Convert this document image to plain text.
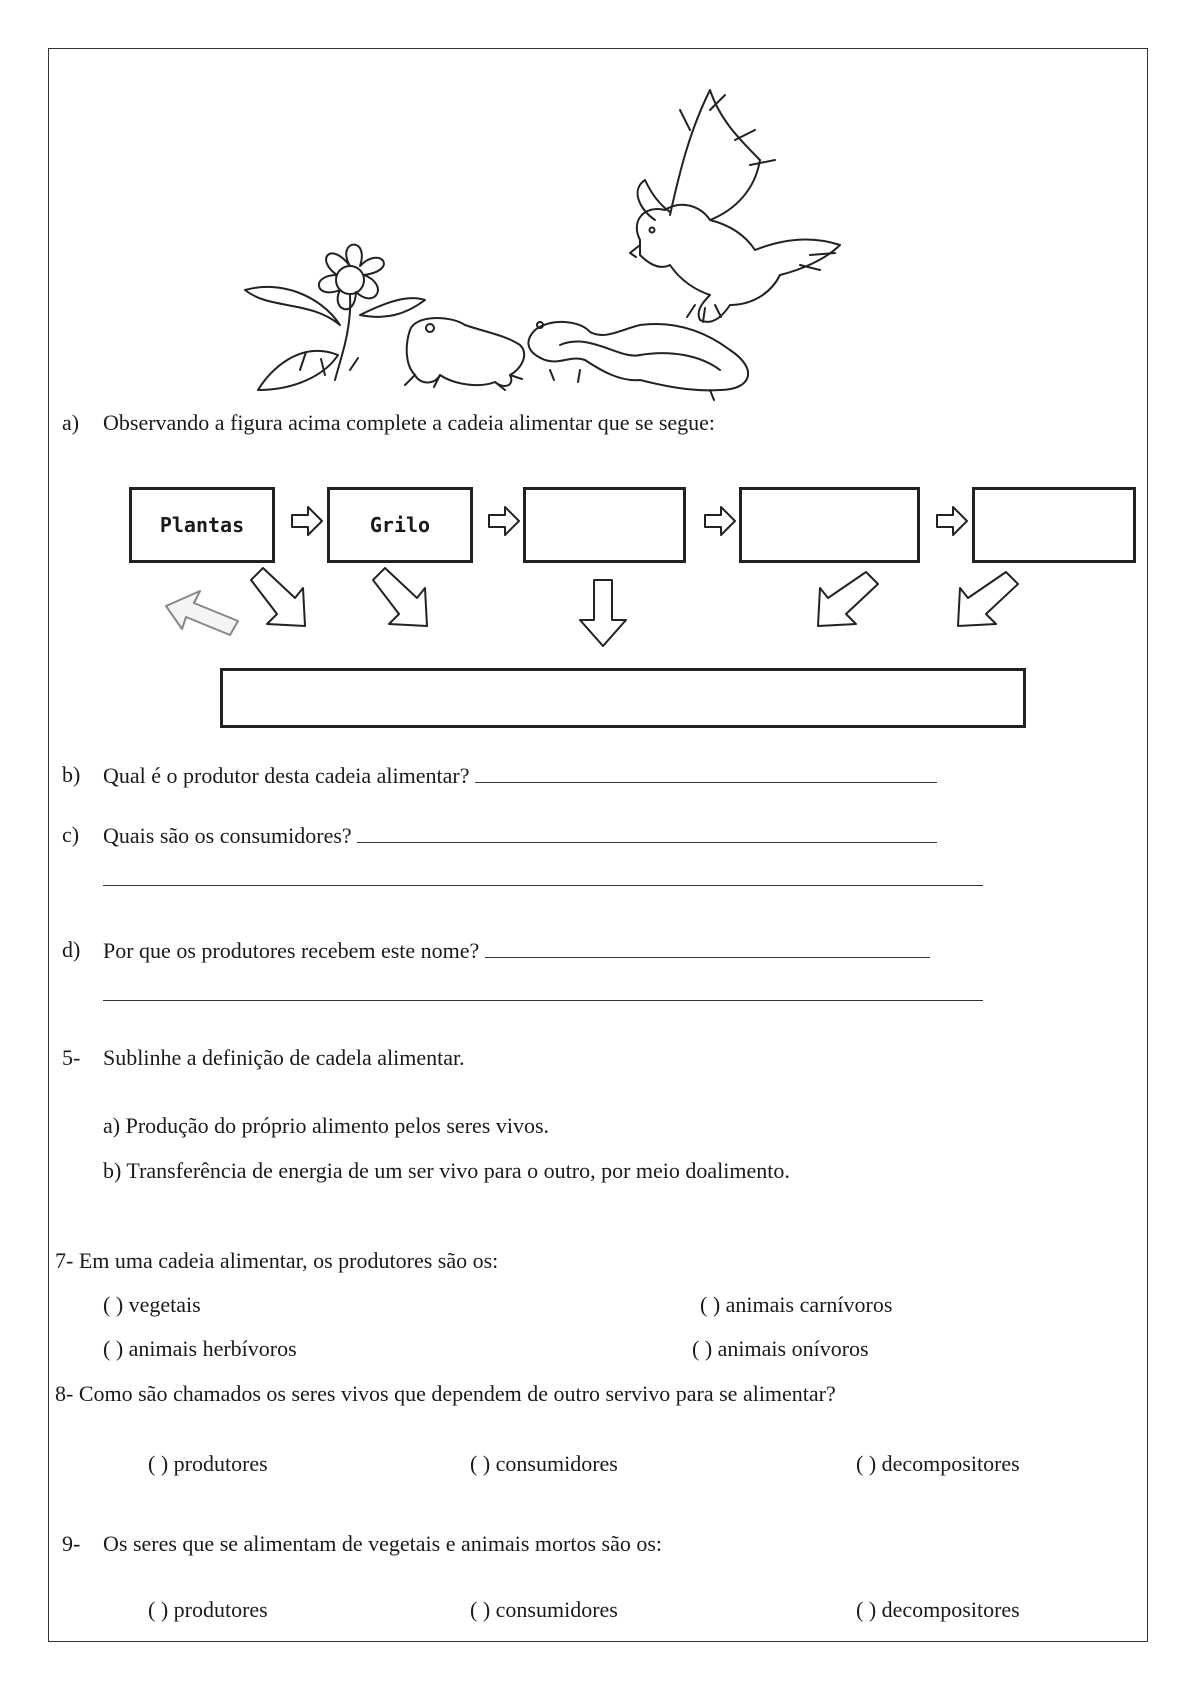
a) Observando a figura acima complete a cadeia alimentar que se segue:
Plantas	Grilo
b) Qual é o produtor desta cadeia alimentar?
c) Quais são os consumidores?
d) Por que os produtores recebem este nome?
5- Sublinhe a definição de cadela alimentar.
a) Produção do próprio alimento pelos seres vivos.
b) Transferência de energia de um ser vivo para o outro, por meio doalimento.
7- Em uma cadeia alimentar, os produtores são os:
( ) vegetais	( ) animais carnívoros
( ) animais herbívoros	( ) animais onívoros
8- Como são chamados os seres vivos que dependem de outro servivo para se alimentar?
( ) produtores	( ) consumidores	( ) decompositores
9- Os seres que se alimentam de vegetais e animais mortos são os:
( ) produtores	( ) consumidores	( ) decompositores
